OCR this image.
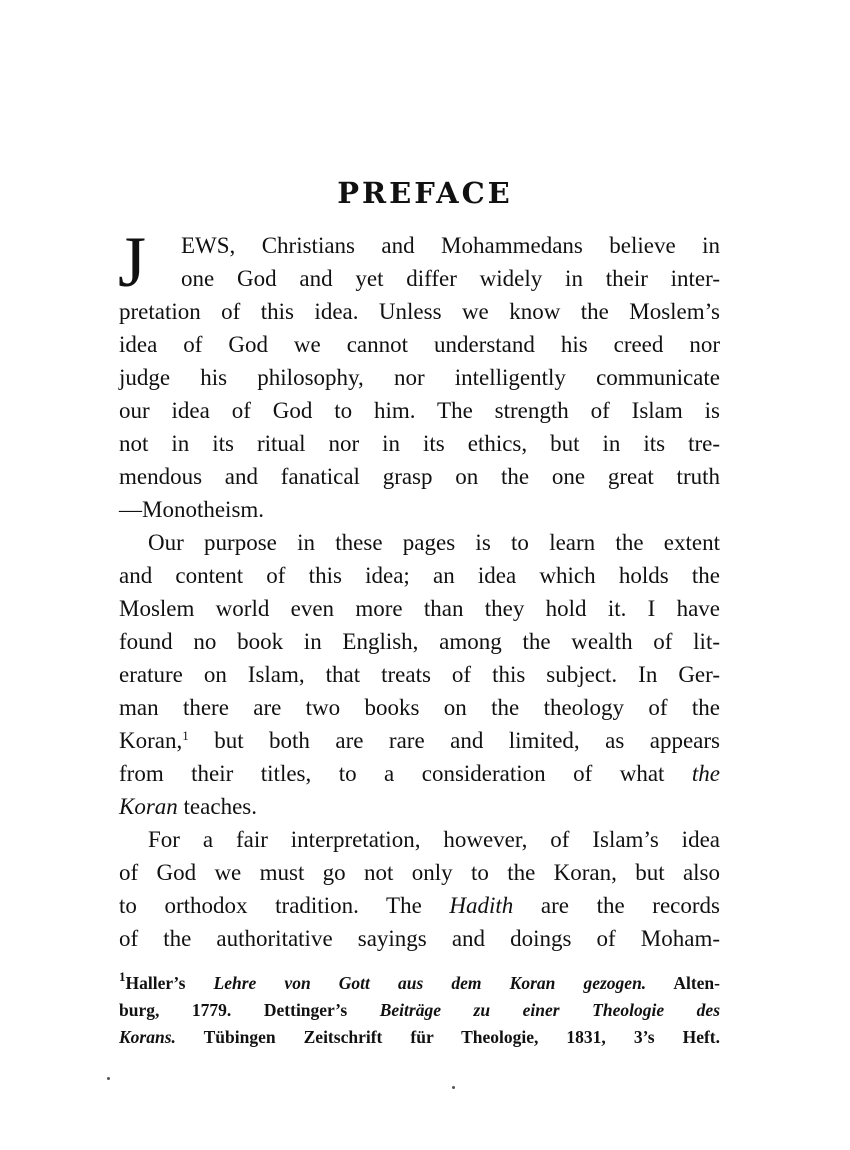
PREFACE
J EWS, Christians and Mohammedans believe in
one God and yet differ widely in their inter-
pretation of this idea. Unless we know the Moslem’s
idea of God we cannot understand his creed nor
judge his philosophy, nor intelligently communicate
our idea of God to him. The strength of Islam is
not in its ritual nor in its ethics, but in its tre-
mendous and fanatical grasp on the one great truth
—Monotheism.
Our purpose in these pages is to learn the extent
and content of this idea; an idea which holds the
Moslem world even more than they hold it. I have
found no book in English, among the wealth of lit-
erature on Islam, that treats of this subject. In Ger-
man there are two books on the theology of the
Koran,$^1$ but both are rare and limited, as appears
from their titles, to a consideration of what the
Koran teaches.
For a fair interpretation, however, of Islam’s idea
of God we must go not only to the Koran, but also
to orthodox tradition. The Hadith are the records
of the authoritative sayings and doings of Moham-
$^1$Haller’s Lehre von Gott aus dem Koran gezogen. Alten-
burg, 1779. Dettinger’s Beiträge zu einer Theologie des
Korans. Tübingen Zeitschrift für Theologie, 1831, 3’s Heft.
